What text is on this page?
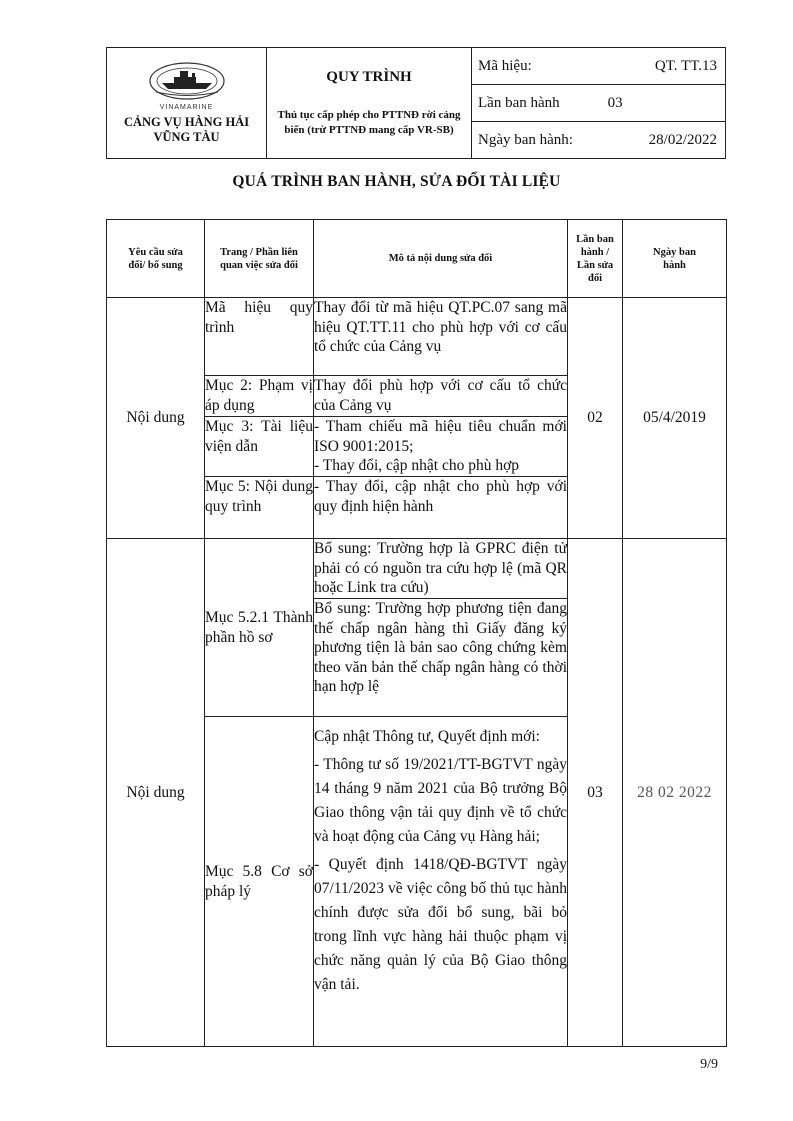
VINAMARINE
CẢNG VỤ HÀNG HẢI
VŨNG TÀU

QUY TRÌNH
Thủ tục cấp phép cho PTTNĐ rời cảng biển (trừ PTTNĐ mang cấp VR-SB)

Mã hiệu:	QT. TT.13

Lần ban hành	03

Ngày ban hành:	28/02/2022
QUÁ TRÌNH BAN HÀNH, SỬA ĐỔI TÀI LIỆU
Yêu cầu sửa đổi/ bổ sung	Trang / Phần liên quan việc sửa đổi	Mô tả nội dung sửa đổi	Lần ban hành / Lần sửa đổi	Ngày ban hành
Nội dung	Mã hiệu quy trình	Thay đổi từ mã hiệu QT.PC.07 sang mã hiệu QT.TT.11 cho phù hợp với cơ cấu tổ chức của Cảng vụ	02	05/4/2019
	Mục 2: Phạm vị áp dụng	Thay đổi phù hợp với cơ cấu tổ chức của Cảng vụ		

	Mục 3: Tài liệu viện dẫn	- Tham chiếu mã hiệu tiêu chuẩn mới ISO 9001:2015;
- Thay đổi, cập nhật cho phù hợp		

	Mục 5: Nội dung quy trình	- Thay đổi, cập nhật cho phù hợp với quy định hiện hành		

Nội dung	Mục 5.2.1 Thành phần hồ sơ	Bổ sung: Trường hợp là GPRC điện tử phải có có nguồn tra cứu hợp lệ (mã QR hoặc Link tra cứu)	03	28 02 2022

		Bổ sung: Trường hợp phương tiện đang thế chấp ngân hàng thì Giấy đăng ký phương tiện là bản sao công chứng kèm theo văn bản thế chấp ngân hàng có thời hạn hợp lệ		

	Mục 5.8 Cơ sở pháp lý	Cập nhật Thông tư, Quyết định mới:
- Thông tư số 19/2021/TT-BGTVT ngày 14 tháng 9 năm 2021 của Bộ trưởng Bộ Giao thông vận tải quy định về tổ chức và hoạt động của Cảng vụ Hàng hải;
- Quyết định 1418/QĐ-BGTVT ngày 07/11/2023 về việc công bố thủ tục hành chính được sửa đổi bổ sung, bãi bỏ trong lĩnh vực hàng hải thuộc phạm vị chức năng quản lý của Bộ Giao thông vận tải.		
9/9
